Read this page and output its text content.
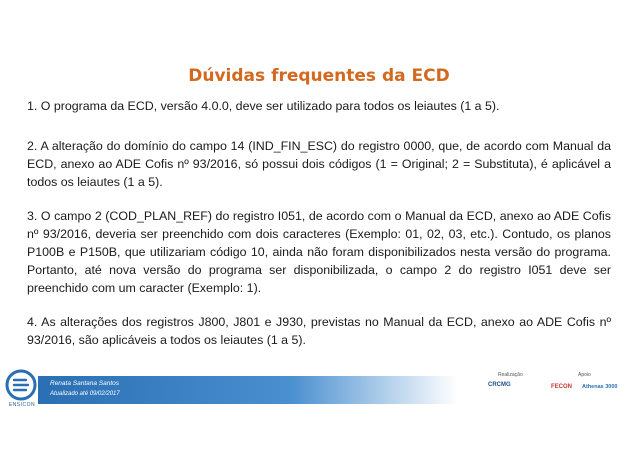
Dúvidas frequentes da ECD

1. O programa da ECD, versão 4.0.0, deve ser utilizado para todos os leiautes (1 a 5).

2. A alteração do domínio do campo 14 (IND_FIN_ESC) do registro 0000, que, de acordo com Manual da ECD, anexo ao ADE Cofis nº 93/2016, só possui dois códigos (1 = Original; 2 = Substituta), é aplicável a todos os leiautes (1 a 5).

3. O campo 2 (COD_PLAN_REF) do registro I051, de acordo com o Manual da ECD, anexo ao ADE Cofis nº 93/2016, deveria ser preenchido com dois caracteres (Exemplo: 01, 02, 03, etc.). Contudo, os planos P100B e P150B, que utilizariam código 10, ainda não foram disponibilizados nesta versão do programa. Portanto, até nova versão do programa ser disponibilizada, o campo 2 do registro I051 deve ser preenchido com um caracter (Exemplo: 1).

4. As alterações dos registros J800, J801 e J930, previstas no Manual da ECD, anexo ao ADE Cofis nº 93/2016, são aplicáveis a todos os leiautes (1 a 5).

ENSICON
Renata Santana Santos
Atualizado até 09/02/2017
Realização
CRCMG
Apoio
FECON Athenas 3000
